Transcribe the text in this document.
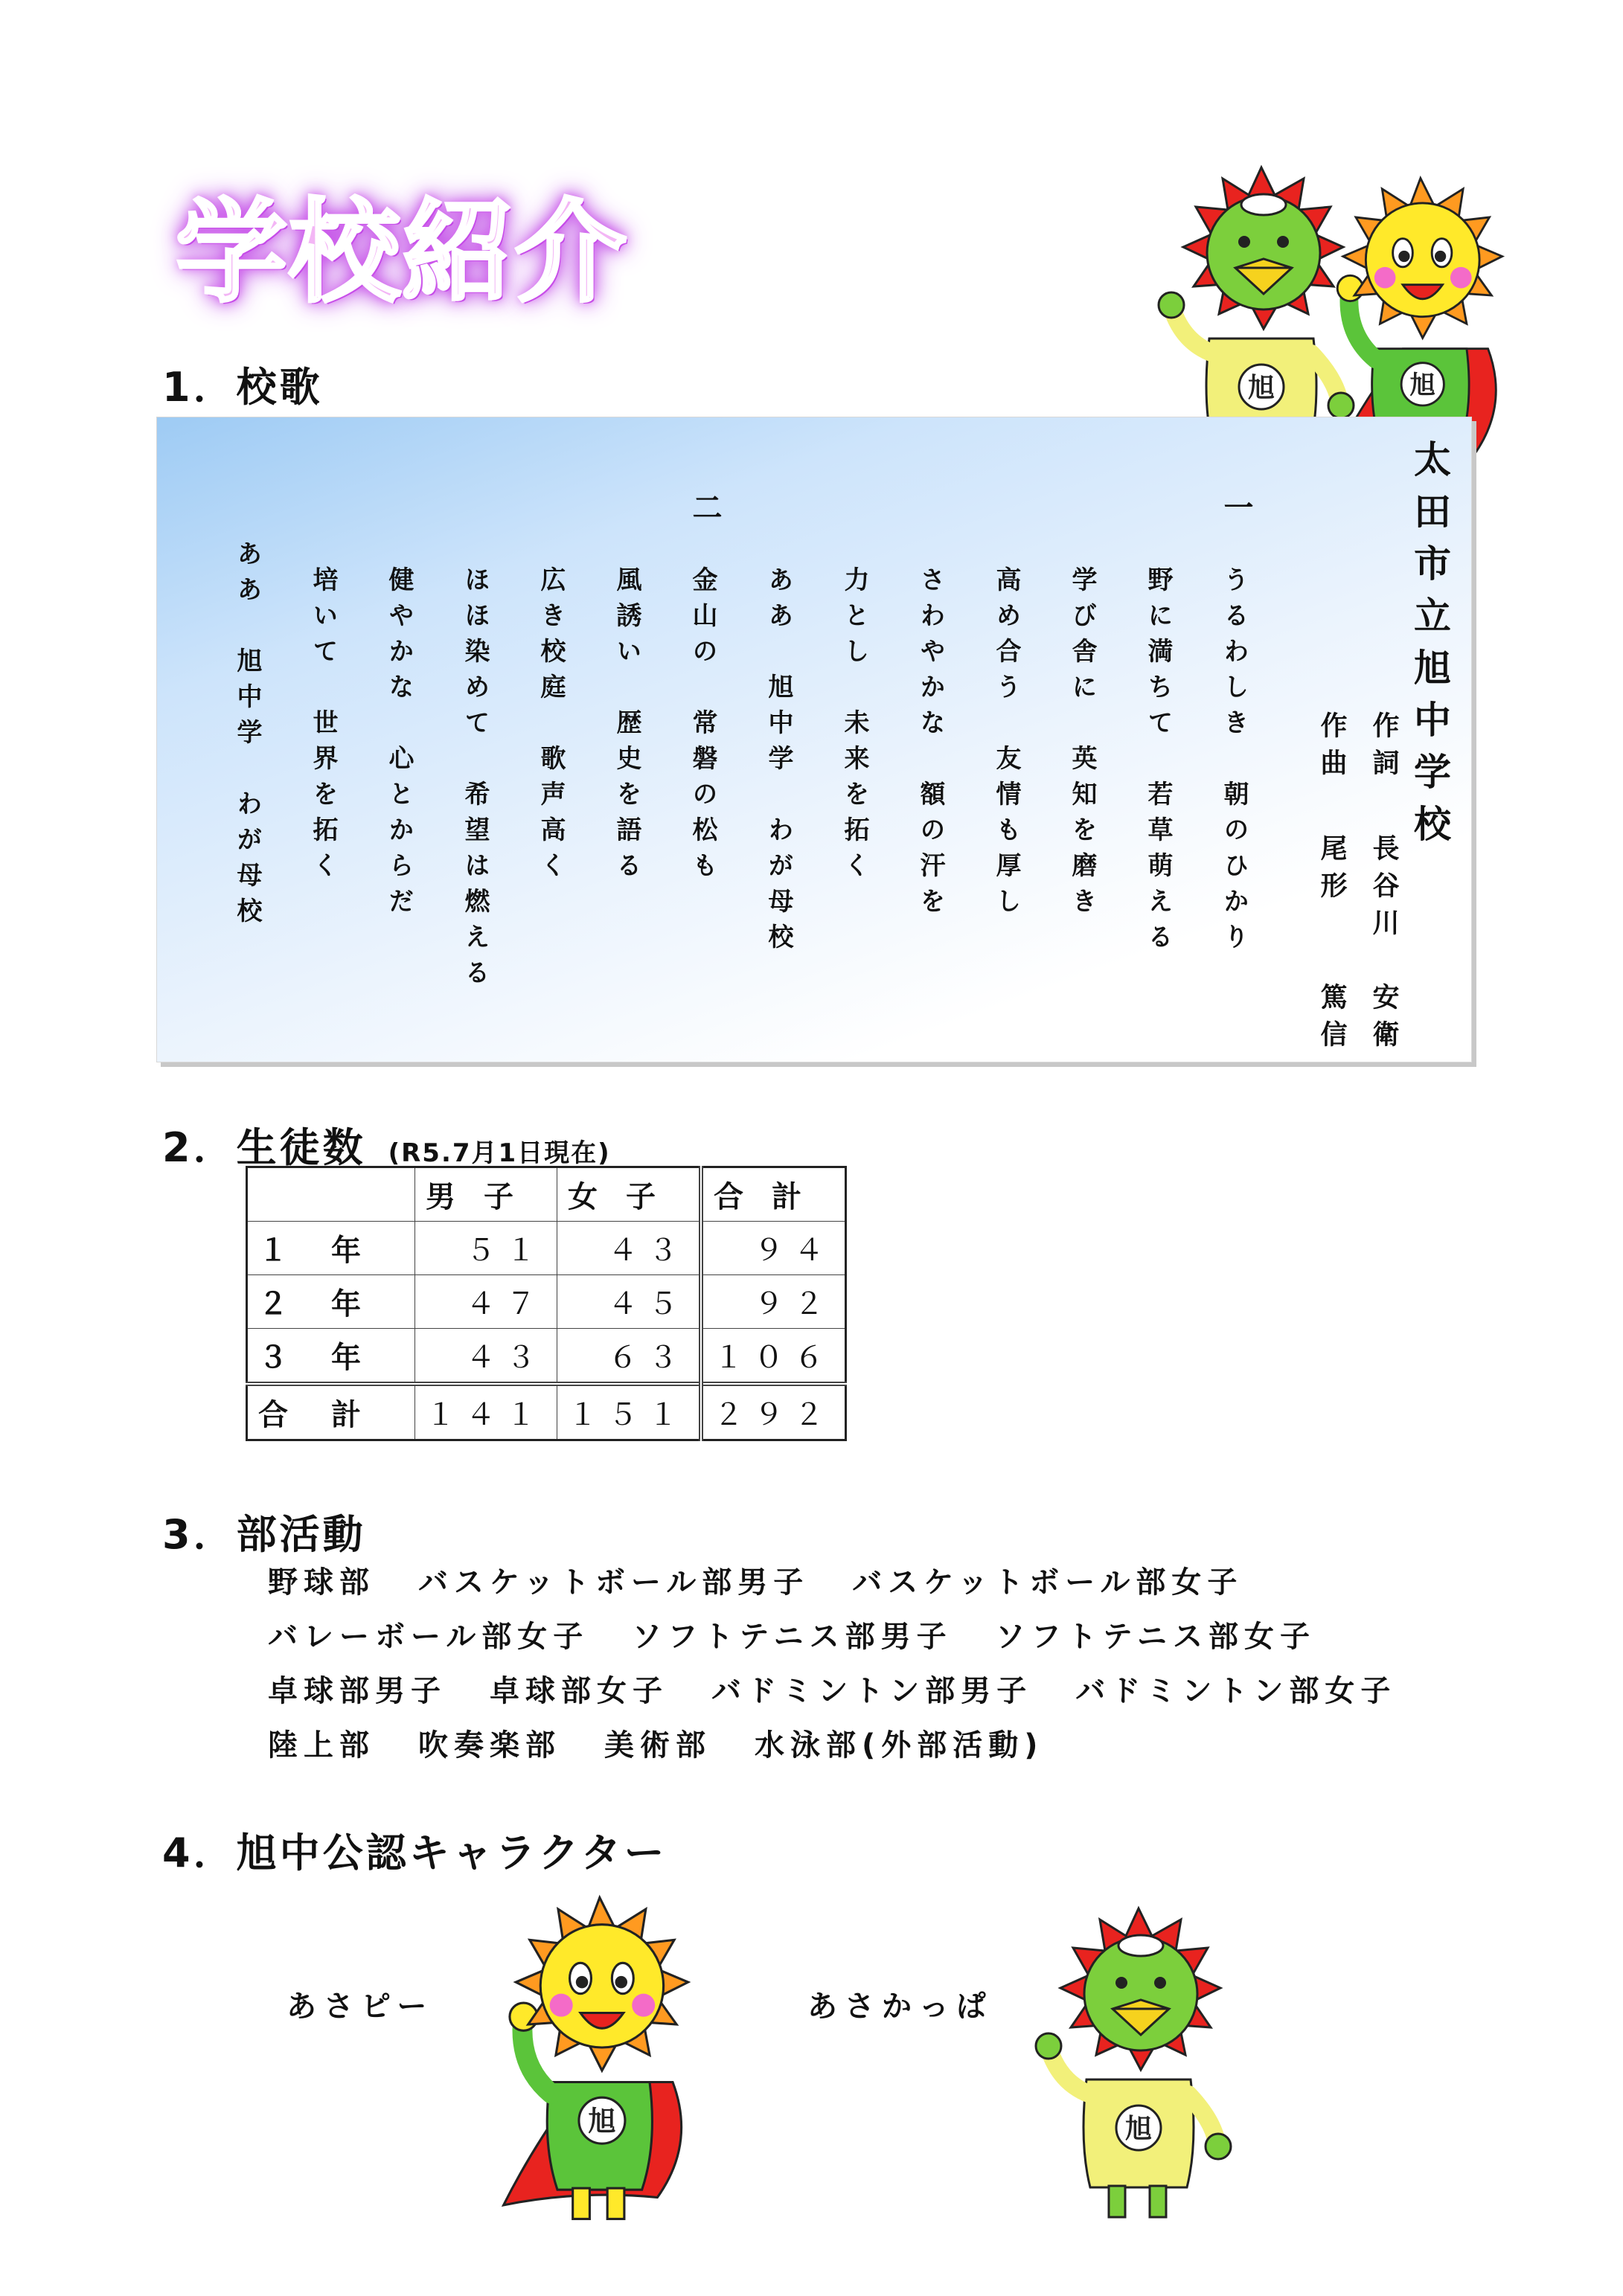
学校紹介
1．校歌
太田市立旭中学校
作詞
長谷川　安衛
作曲
尾形　　篤信
一
うるわしき　朝のひかり
野に満ちて　若草萌える
学び舎に　英知を磨き
高め合う　友情も厚し
さわやかな　額の汗を
力とし　未来を拓く
ああ　旭中学　わが母校
二
金山の　常磐の松も
風誘い　歴史を語る
広き校庭　歌声高く
ほほ染めて　希望は燃える
健やかな　心とからだ
培いて　世界を拓く
ああ　旭中学　わが母校
2．生徒数 (R5.7月1日現在)
	男子	女子	合計
１年	５１	４３	９４
２年	４７	４５	９２
３年	４３	６３	１０６
合計	１４１	１５１	２９２
3．部活動
野球部 バスケットボール部男子 バスケットボール部女子
バレーボール部女子 ソフトテニス部男子 ソフトテニス部女子
卓球部男子 卓球部女子 バドミントン部男子 バドミントン部女子
陸上部 吹奏楽部 美術部 水泳部(外部活動)
4．旭中公認キャラクター
あさピー	あさかっぱ
